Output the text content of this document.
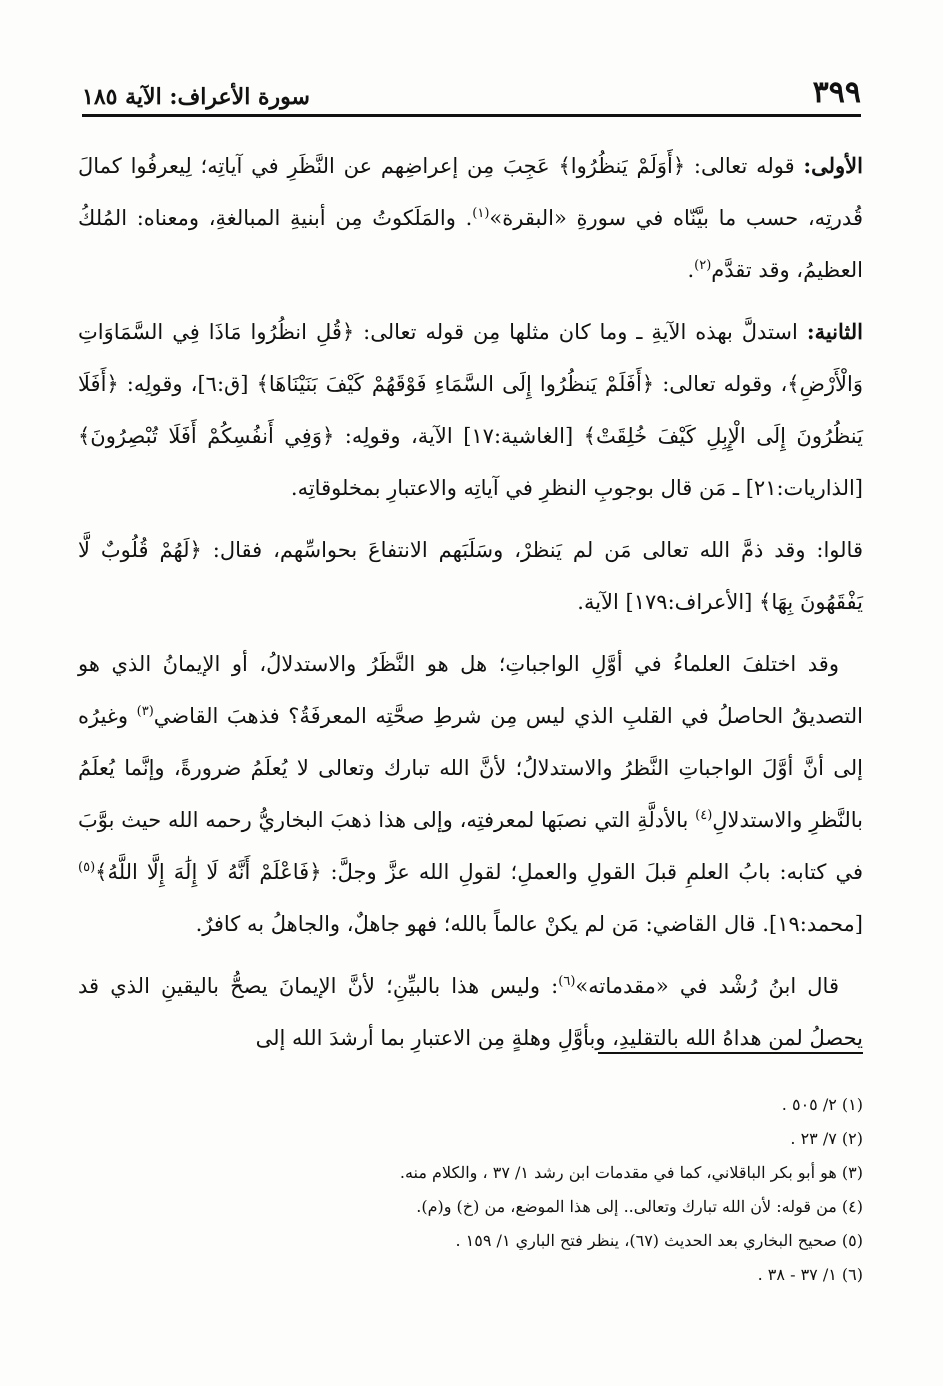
٣٩٩
سورة الأعراف: الآية ١٨٥

الأولى: قوله تعالى: ﴿أَوَلَمْ يَنظُرُوا﴾ عَجِبَ مِن إعراضِهم عن النَّظَرِ في آياتِه؛ لِيعرفُوا كمالَ قُدرتِه، حسب ما بيَّنّاه في سورةِ «البقرة»$^{(١)}$. والمَلَكوتُ مِن أبنيةِ المبالغةِ، ومعناه: المُلكُ العظيمُ، وقد تقدَّم$^{(٢)}$.

الثانية: استدلَّ بهذه الآيةِ ـ وما كان مثلها مِن قوله تعالى: ﴿قُلِ انظُرُوا مَاذَا فِي السَّمَاوَاتِ وَالْأَرْضِ﴾، وقوله تعالى: ﴿أَفَلَمْ يَنظُرُوا إِلَى السَّمَاءِ فَوْقَهُمْ كَيْفَ بَنَيْنَاهَا﴾ [ق:٦]، وقولِه: ﴿أَفَلَا يَنظُرُونَ إِلَى الْإِبِلِ كَيْفَ خُلِقَتْ﴾ [الغاشية:١٧] الآية، وقولِه: ﴿وَفِي أَنفُسِكُمْ أَفَلَا تُبْصِرُونَ﴾ [الذاريات:٢١] ـ مَن قال بوجوبِ النظرِ في آياتِه والاعتبارِ بمخلوقاتِه.

قالوا: وقد ذمَّ الله تعالى مَن لم يَنظرْ، وسَلَبَهم الانتفاعَ بحواسِّهم، فقال: ﴿لَهُمْ قُلُوبٌ لَّا يَفْقَهُونَ بِهَا﴾ [الأعراف:١٧٩] الآية.

وقد اختلفَ العلماءُ في أوَّلِ الواجباتِ؛ هل هو النَّظَرُ والاستدلالُ، أو الإيمانُ الذي هو التصديقُ الحاصلُ في القلبِ الذي ليس مِن شرطِ صحَّتِه المعرفَةُ؟ فذهبَ القاضي$^{(٣)}$ وغيرُه إلى أنَّ أوَّلَ الواجباتِ النَّظرُ والاستدلالُ؛ لأنَّ الله تبارك وتعالى لا يُعلَمُ ضرورةً، وإنَّما يُعلَمُ بالنَّظرِ والاستدلالِ$^{(٤)}$ بالأدلَّةِ التي نصبَها لمعرفتِه، وإلى هذا ذهبَ البخاريُّ رحمه الله حيث بوَّبَ في كتابه: بابُ العلمِ قبلَ القولِ والعملِ؛ لقولِ الله عزَّ وجلَّ: ﴿فَاعْلَمْ أَنَّهُ لَا إِلَٰهَ إِلَّا اللَّهُ﴾$^{(٥)}$ [محمد:١٩]. قال القاضي: مَن لم يكنْ عالماً بالله؛ فهو جاهلٌ، والجاهلُ به كافرٌ.

قال ابنُ رُشْد في «مقدماته»$^{(٦)}$: وليس هذا بالبيِّنِ؛ لأنَّ الإيمانَ يصحُّ باليقينِ الذي قد يحصلُ لمن هداهُ الله بالتقليدِ، وبأوَّلِ وهلةٍ مِن الاعتبارِ بما أرشدَ الله إلى

(١) ٢/ ٥٠٥ .

(٢) ٧/ ٢٣ .

(٣) هو أبو بكر الباقلاني، كما في مقدمات ابن رشد ١/ ٣٧ ، والكلام منه.

(٤) من قوله: لأن الله تبارك وتعالى.. إلى هذا الموضع، من (خ) و(م).

(٥) صحيح البخاري بعد الحديث (٦٧)، ينظر فتح الباري ١/ ١٥٩ .

(٦) ١/ ٣٧ - ٣٨ .
